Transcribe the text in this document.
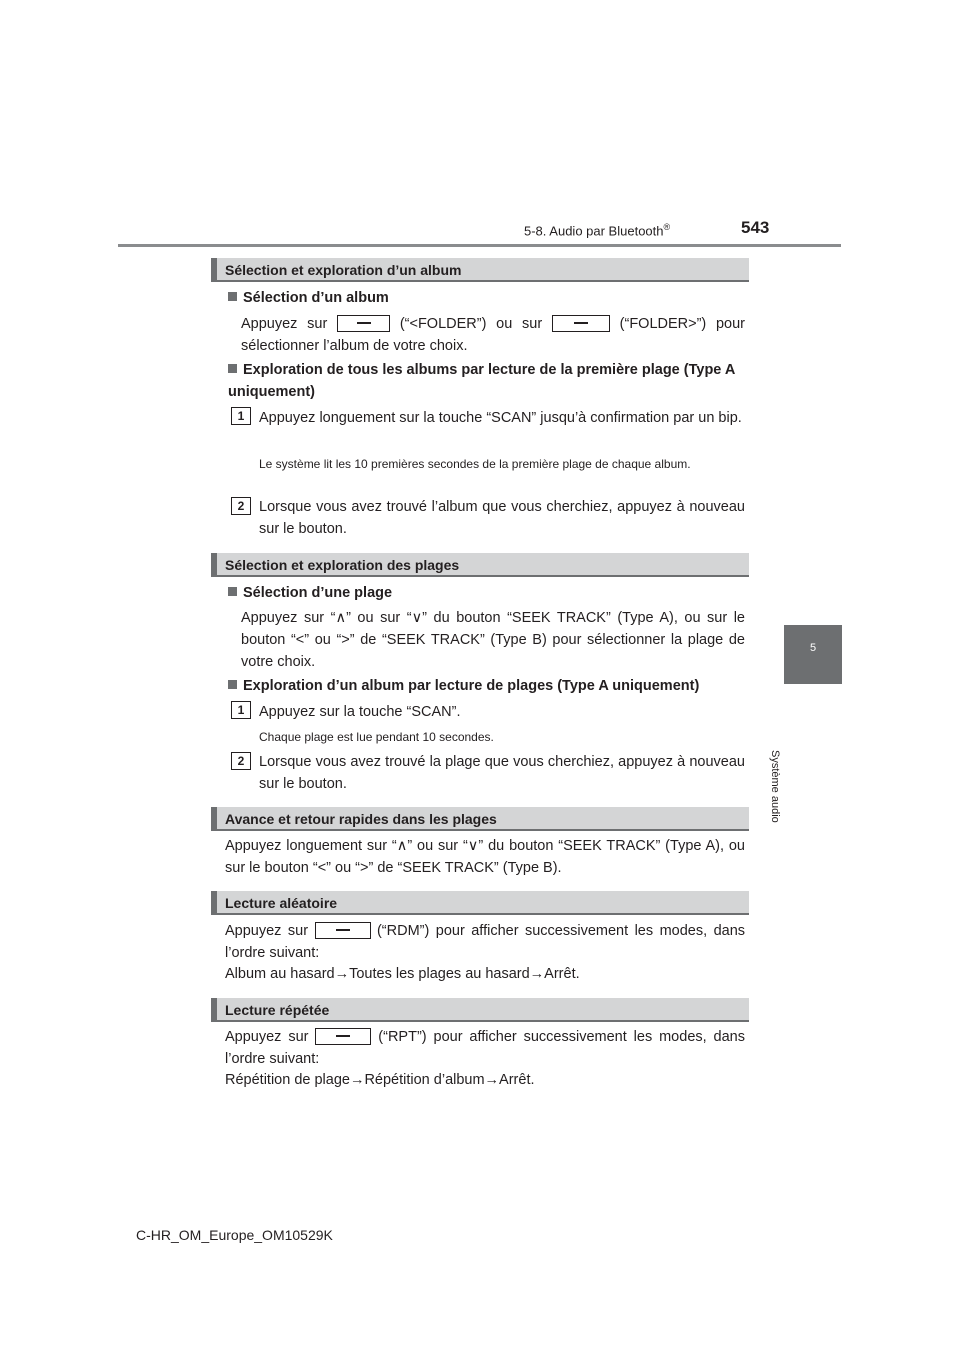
5-8. Audio par Bluetooth®	543
5
Système audio
Sélection et exploration d’un album
Sélection d’un album
Appuyez sur	(“<FOLDER”) ou sur	(“FOLDER>”) pour sélectionner l’album de votre choix.
Exploration de tous les albums par lecture de la première plage (Type A uniquement)
1	Appuyez longuement sur la touche “SCAN” jusqu’à confirmation par un bip.
Le système lit les 10 premières secondes de la première plage de chaque album.
2	Lorsque vous avez trouvé l’album que vous cherchiez, appuyez à nouveau sur le bouton.
Sélection et exploration des plages
Sélection d’une plage
Appuyez sur “∧” ou sur “∨” du bouton “SEEK TRACK” (Type A), ou sur le bouton “<” ou “>” de “SEEK TRACK” (Type B) pour sélectionner la plage de votre choix.
Exploration d’un album par lecture de plages (Type A uniquement)
1	Appuyez sur la touche “SCAN”.
Chaque plage est lue pendant 10 secondes.
2	Lorsque vous avez trouvé la plage que vous cherchiez, appuyez à nouveau sur le bouton.
Avance et retour rapides dans les plages
Appuyez longuement sur “∧” ou sur “∨” du bouton “SEEK TRACK” (Type A), ou sur le bouton “<” ou “>” de “SEEK TRACK” (Type B).
Lecture aléatoire
Appuyez sur	(“RDM”) pour afficher successivement les modes, dans l’ordre suivant:
Album au hasard→Toutes les plages au hasard→Arrêt.
Lecture répétée
Appuyez sur	(“RPT”) pour afficher successivement les modes, dans l’ordre suivant:
Répétition de plage→Répétition d’album→Arrêt.
C-HR_OM_Europe_OM10529K
